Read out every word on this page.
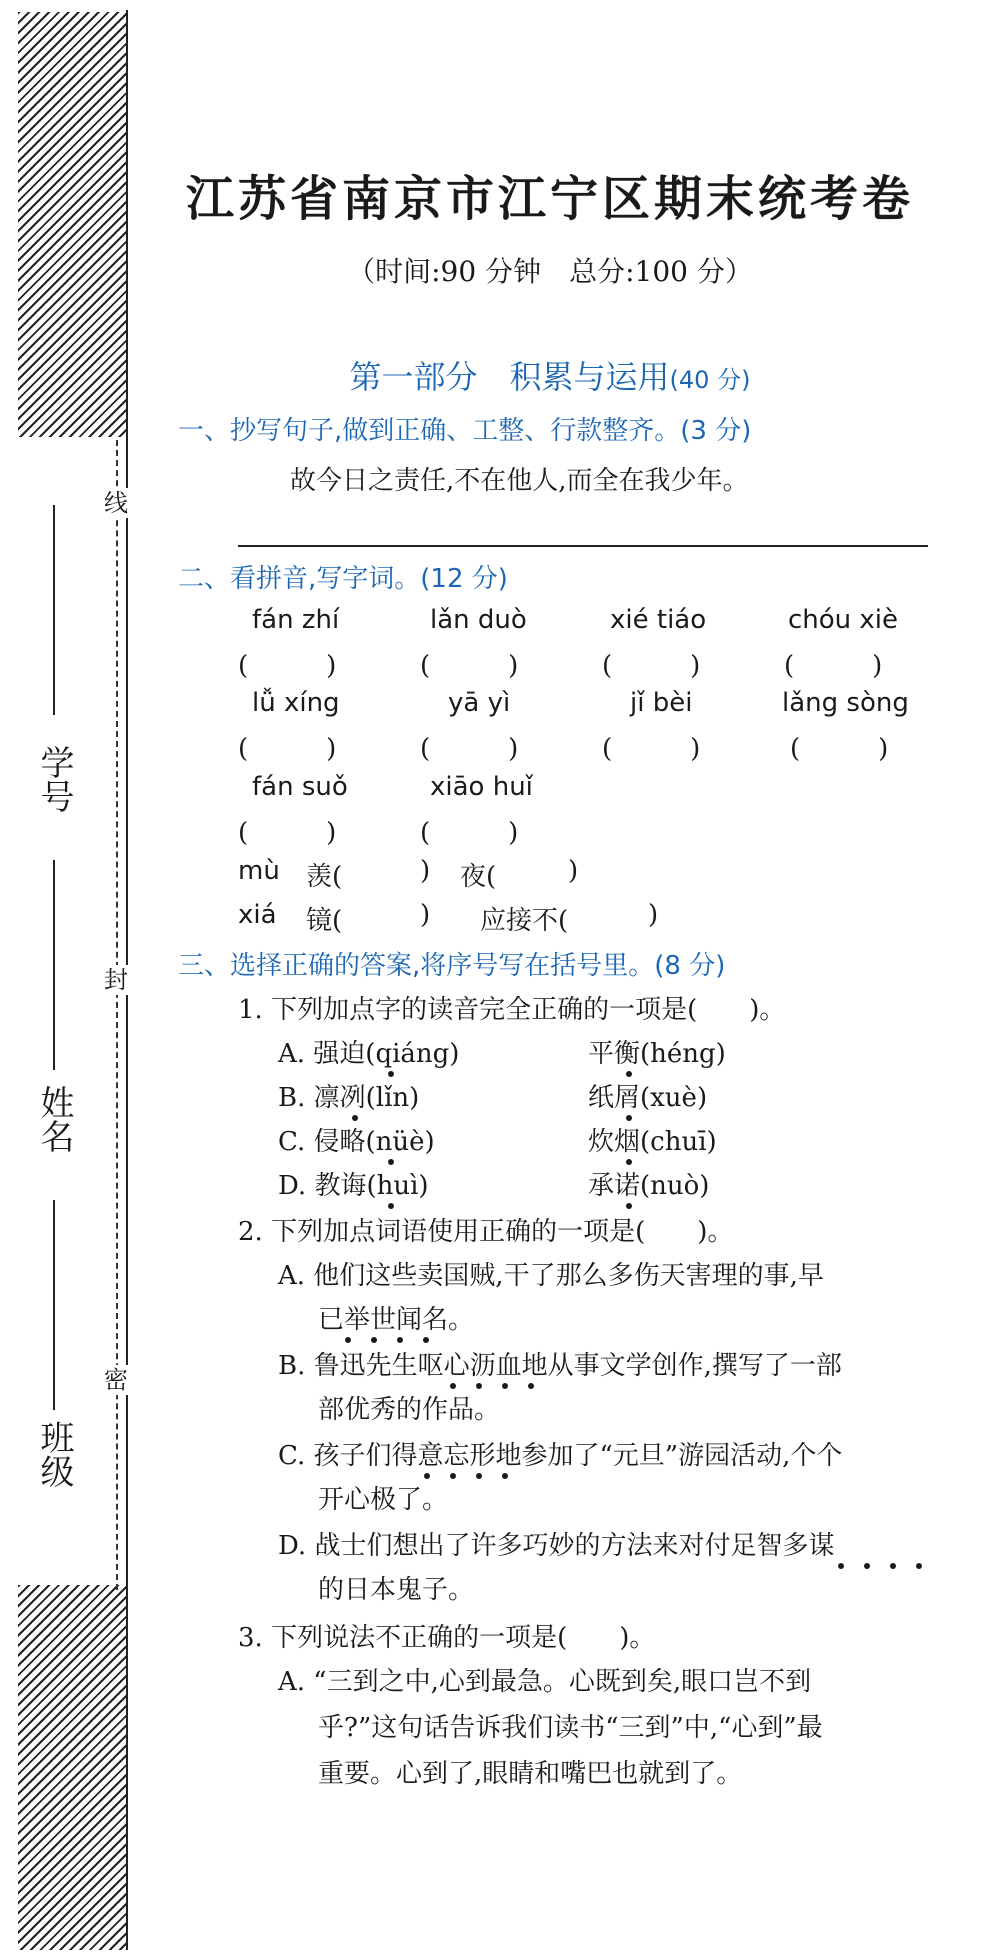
线
封
密
学号
姓名
班级
江苏省南京市江宁区期末统考卷
（时间:90 分钟　总分:100 分）
第一部分　积累与运用(40 分)
一、抄写句子,做到正确、工整、行款整齐。(3 分)
故今日之责任,不在他人,而全在我少年。
二、看拼音,写字词。(12 分)
fán zhí	lǎn duò	xié tiáo	chóu xiè
(　　　)	(　　　)	(　　　)	(　　　)
lǚ xíng	yā yì	jǐ bèi	lǎng sòng
(　　　)	(　　　)	(　　　)	(　　　)
fán suǒ	xiāo huǐ
(　　　)	(　　　)
mù 羡(	) 夜(	)
xiá 镜(	) 应接不(	)
三、选择正确的答案,将序号写在括号里。(8 分)
1. 下列加点字的读音完全正确的一项是(　　)。
A. 强迫(qiáng)	平衡(héng)
B. 凛冽(lǐn)	纸屑(xuè)
C. 侵略(nüè)	炊烟(chuī)
D. 教诲(huì)	承诺(nuò)
2. 下列加点词语使用正确的一项是(　　)。
A. 他们这些卖国贼,干了那么多伤天害理的事,早
已举世闻名。
B. 鲁迅先生呕心沥血地从事文学创作,撰写了一部
部优秀的作品。
C. 孩子们得意忘形地参加了“元旦”游园活动,个个
开心极了。
D. 战士们想出了许多巧妙的方法来对付足智多谋
的日本鬼子。
3. 下列说法不正确的一项是(　　)。
A. “三到之中,心到最急。心既到矣,眼口岂不到
乎?”这句话告诉我们读书“三到”中,“心到”最
重要。心到了,眼睛和嘴巴也就到了。
